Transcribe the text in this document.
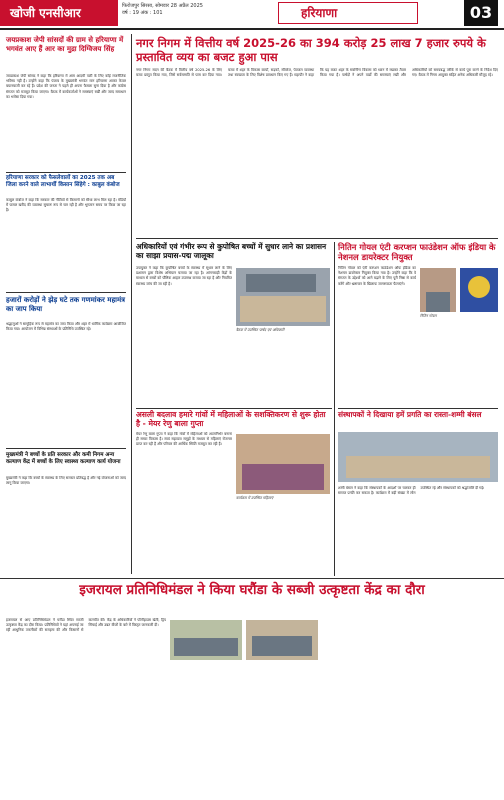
खोजी एनसीआर	फिरोजपुर सिरसा, सोमवार 28 अप्रैल 2025
वर्ष : 19 अंक : 101	हरियाणा	03
जयप्रकाश जेपी सांसदों की ग्राम से हरियाणा में भगवंत आए हैं आर का मुद्रा दिग्विजय सिंह

जयप्रकाश जेपी सांसद ने कहा कि हरियाणा में आम आदमी पार्टी के लिए कोई राजनीतिक भविष्य नहीं है। उन्होंने कहा कि पंजाब के मुख्यमंत्री भगवंत मान हरियाणा आकर केवल बयानबाजी कर रहे हैं। प्रदेश की जनता ने पहले ही अपना फैसला सुना दिया है और कांग्रेस संगठन को मजबूत किया जाएगा। बैठक में कार्यकर्ताओं ने समस्याएं रखीं और जल्द समाधान का भरोसा दिया गया।

हरियाणा सरकार को फैसलेवालों का 2025 तक अब जिला करने वाले लाभार्थी किसान सिंहेगे : काबुल कंबोज

काबुल कंबोज ने कहा कि सरकार की नीतियों से किसानों को सीधा लाभ मिल रहा है। मंडियों में फसल खरीद की व्यवस्था सुचारू रूप से चल रही है और भुगतान समय पर किया जा रहा है।

हजारों करोड़ों ने झेड़ घटे तक गणमांकर महामंत्र का जाप किया

श्रद्धालुओं ने सामूहिक रूप से महामंत्र का जाप किया और शहर में धार्मिक कार्यक्रम आयोजित किया गया। आयोजन में विभिन्न संस्थाओं के प्रतिनिधि उपस्थित रहे।

मुख्यमंत्री ने बच्चों के प्रति सरकार और कमी निगम अन्य कल्याण केंद्र में बच्चों के लिए स्वास्थ्य कल्याण कार्य योजना

मुख्यमंत्री ने कहा कि बच्चों के स्वास्थ्य के लिए सरकार प्रतिबद्ध है और नई योजनाओं को जल्द लागू किया जाएगा।

नगर निगम में वित्तीय वर्ष 2025-26 का 394 करोड़ 25 लाख 7 हजार रुपये के प्रस्तावित व्यय का बजट हुआ पास

नगर निगम सदन की बैठक में वित्तीय वर्ष 2025-26 के लिए बजट प्रस्तुत किया गया, जिसे सर्वसम्मति से पास कर दिया गया। बजट में शहर के विकास कार्यों, सड़कों, सीवरेज, पेयजल व्यवस्था तथा स्वच्छता के लिए विशेष प्रावधान किए गए हैं। महापौर ने कहा कि यह बजट शहर के सर्वांगीण विकास को ध्यान में रखकर तैयार किया गया है। पार्षदों ने अपने वार्डों की समस्याएं रखीं और अधिकारियों को समयबद्ध तरीके से कार्य पूरा करने के निर्देश दिए गए। बैठक में निगम आयुक्त सहित अनेक अधिकारी मौजूद रहे।

अधिकारियों एवं गंभीर रूप से कुपोषित बच्चों में सुधार लाने का प्रशासन का साझा प्रयास-पद्म जालूका

उपायुक्त ने कहा कि कुपोषित बच्चों के स्वास्थ्य में सुधार लाने के लिए प्रशासन द्वारा विशेष अभियान चलाया जा रहा है। आंगनबाड़ी केंद्रों के माध्यम से बच्चों को पौष्टिक आहार उपलब्ध कराया जा रहा है और नियमित स्वास्थ्य जांच की जा रही है।

बैठक में उपस्थित पार्षद एवं अधिकारी
नितिन गोयल एंटी करप्शन फाउंडेशन ऑफ इंडिया के नेशनल डायरेक्टर नियुक्त

नितिन गोयल को एंटी करप्शन फाउंडेशन ऑफ इंडिया का नेशनल डायरेक्टर नियुक्त किया गया है। उन्होंने कहा कि वे संगठन के उद्देश्यों को आगे बढ़ाने के लिए पूरी निष्ठा से कार्य करेंगे और भ्रष्टाचार के खिलाफ जागरूकता फैलाएंगे।

नितिन गोयल
असली बदलाव हमारे गांवों में महिलाओं के सशक्तिकरण से शुरू होता है - मेयर रेणु बाला गुप्ता

मेयर रेणु बाला गुप्ता ने कहा कि गांवों में महिलाओं को आत्मनिर्भर बनाना ही सच्चा विकास है। स्वयं सहायता समूहों के माध्यम से महिलाएं रोजगार प्राप्त कर रही हैं और परिवार की आर्थिक स्थिति मजबूत कर रही हैं।

कार्यक्रम में उपस्थित महिलाएं
संस्थापकों ने दिखाया हमें प्रगति का रास्ता-शम्मी बंसल

शम्मी बंसल ने कहा कि संस्थापकों के आदर्शों पर चलकर ही समाज प्रगति कर सकता है। कार्यक्रम में बड़ी संख्या में लोग उपस्थित रहे और संस्थापकों को श्रद्धांजलि दी गई।

इजरायल प्रतिनिधिमंडल ने किया घरौंडा के सब्जी उत्कृष्टता केंद्र का दौरा

इजरायल से आए प्रतिनिधिमंडल ने घरौंडा स्थित सब्जी उत्कृष्टता केंद्र का दौरा किया। प्रतिनिधियों ने यहां अपनाई जा रही आधुनिक तकनीकों की सराहना की और किसानों से बातचीत की। केंद्र के अधिकारियों ने पॉलीहाउस खेती, ड्रिप सिंचाई और उन्नत बीजों के बारे में विस्तृत जानकारी दी।
